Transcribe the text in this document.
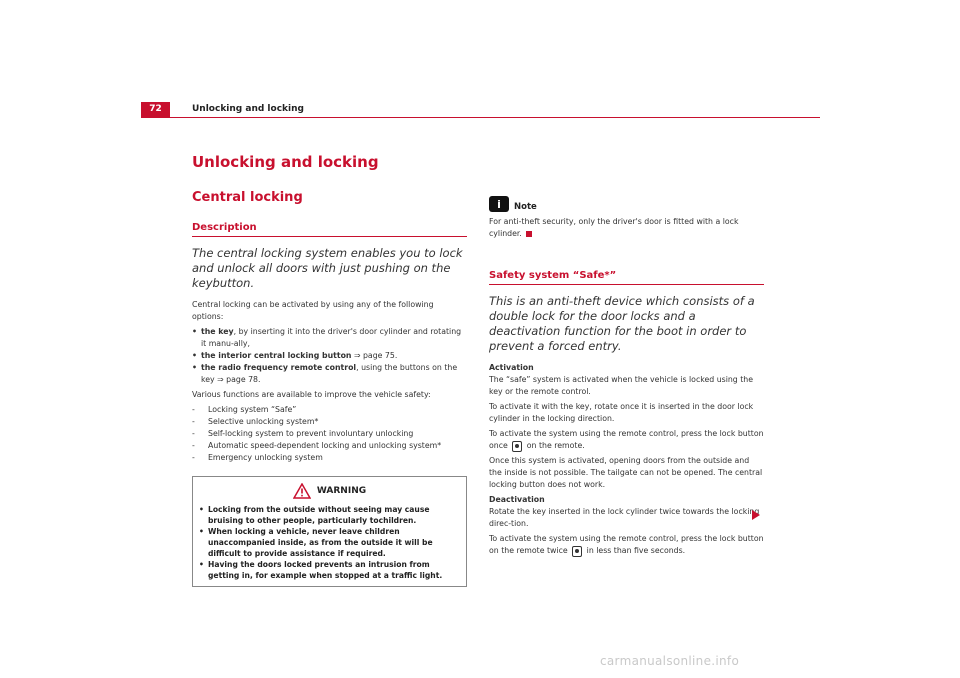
72	Unlocking and locking
Unlocking and locking
Central locking
Description
The central locking system enables you to lock and unlock all doors with just pushing on the keybutton.

Central locking can be activated by using any of the following options:

• the key, by inserting it into the driver's door cylinder and rotating it manu-ally,
• the interior central locking button ⇒ page 75.
• the radio frequency remote control, using the buttons on the key ⇒ page 78.

Various functions are available to improve the vehicle safety:

-	Locking system “Safe”
-	Selective unlocking system*
-	Self-locking system to prevent involuntary unlocking
-	Automatic speed-dependent locking and unlocking system*
-	Emergency unlocking system
WARNING
• Locking from the outside without seeing may cause bruising to other people, particularly tochildren.
• When locking a vehicle, never leave children unaccompanied inside, as from the outside it will be difficult to provide assistance if required.
• Having the doors locked prevents an intrusion from getting in, for example when stopped at a traffic light.
i	Note
For anti-theft security, only the driver's door is fitted with a lock cylinder.
Safety system “Safe*”
This is an anti-theft device which consists of a double lock for the door locks and a deactivation function for the boot in order to prevent a forced entry.
Activation

The “safe” system is activated when the vehicle is locked using the key or the remote control.

To activate it with the key, rotate once it is inserted in the door lock cylinder in the locking direction.

To activate the system using the remote control, press the lock button once on the remote.

Once this system is activated, opening doors from the outside and the inside is not possible. The tailgate can not be opened. The central locking button does not work.

Deactivation

Rotate the key inserted in the lock cylinder twice towards the locking direc-tion.

To activate the system using the remote control, press the lock button on the remote twice in less than five seconds.

carmanualsonline.info
